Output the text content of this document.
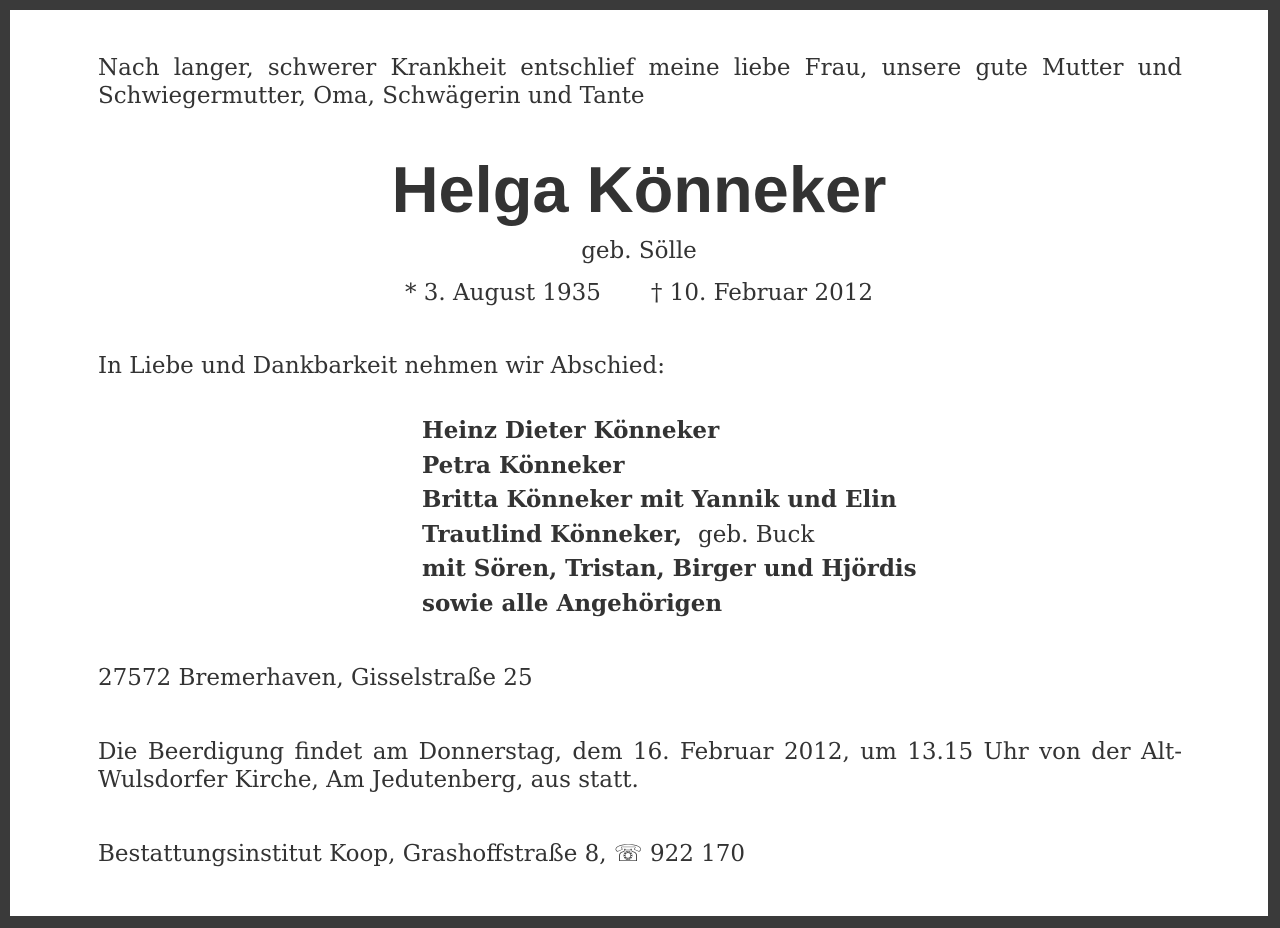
Nach langer, schwerer Krankheit entschlief meine liebe Frau, unsere gute Mutter und Schwiegermutter, Oma, Schwägerin und Tante
Helga Könneker
geb. Sölle
* 3. August 1935 † 10. Februar 2012
In Liebe und Dankbarkeit nehmen wir Abschied:
Heinz Dieter Könneker
Petra Könneker
Britta Könneker mit Yannik und Elin
Trautlind Könneker, geb. Buck
mit Sören, Tristan, Birger und Hjördis
sowie alle Angehörigen
27572 Bremerhaven, Gisselstraße 25
Die Beerdigung findet am Donnerstag, dem 16. Februar 2012, um 13.15 Uhr von der Alt-Wulsdorfer Kirche, Am Jedutenberg, aus statt.
Bestattungsinstitut Koop, Grashoffstraße 8, ☏ 922 170
